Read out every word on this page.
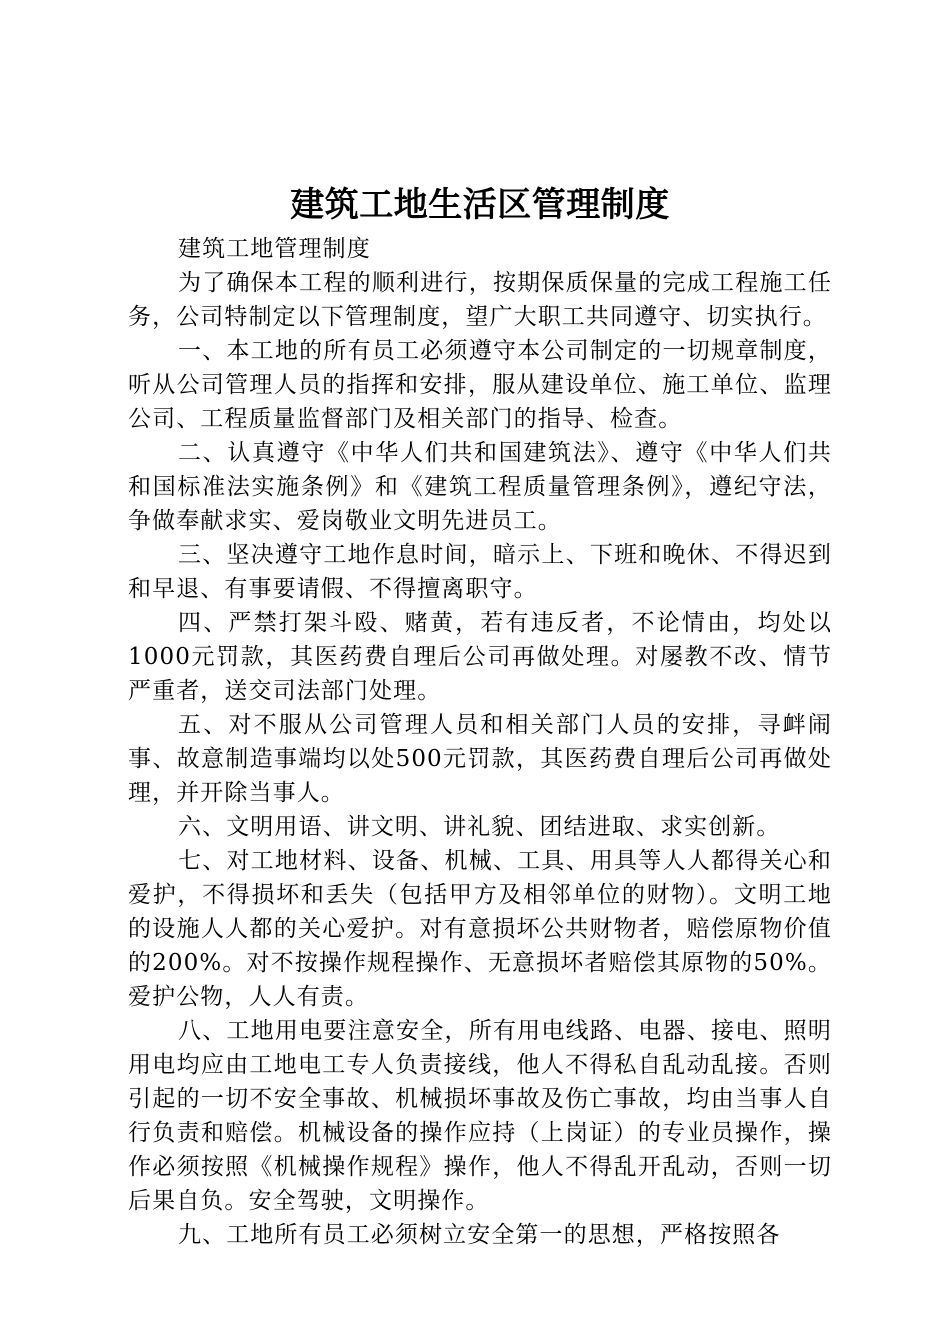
建筑工地生活区管理制度

建筑工地管理制度

为了确保本工程的顺利进行，按期保质保量的完成工程施工任务，公司特制定以下管理制度，望广大职工共同遵守、切实执行。

一、本工地的所有员工必须遵守本公司制定的一切规章制度，听从公司管理人员的指挥和安排，服从建设单位、施工单位、监理公司、工程质量监督部门及相关部门的指导、检查。

二、认真遵守《中华人们共和国建筑法》、遵守《中华人们共和国标准法实施条例》和《建筑工程质量管理条例》，遵纪守法，争做奉献求实、爱岗敬业文明先进员工。

三、坚决遵守工地作息时间，暗示上、下班和晚休、不得迟到和早退、有事要请假、不得擅离职守。

四、严禁打架斗殴、赌黄，若有违反者，不论情由，均处以1000元罚款，其医药费自理后公司再做处理。对屡教不改、情节严重者，送交司法部门处理。

五、对不服从公司管理人员和相关部门人员的安排，寻衅闹事、故意制造事端均以处500元罚款，其医药费自理后公司再做处理，并开除当事人。

六、文明用语、讲文明、讲礼貌、团结进取、求实创新。

七、对工地材料、设备、机械、工具、用具等人人都得关心和爱护，不得损坏和丢失（包括甲方及相邻单位的财物）。文明工地的设施人人都的关心爱护。对有意损坏公共财物者，赔偿原物价值的200%。对不按操作规程操作、无意损坏者赔偿其原物的50%。爱护公物，人人有责。

八、工地用电要注意安全，所有用电线路、电器、接电、照明用电均应由工地电工专人负责接线，他人不得私自乱动乱接。否则引起的一切不安全事故、机械损坏事故及伤亡事故，均由当事人自行负责和赔偿。机械设备的操作应持（上岗证）的专业员操作，操作必须按照《机械操作规程》操作，他人不得乱开乱动，否则一切后果自负。安全驾驶，文明操作。

九、工地所有员工必须树立安全第一的思想，严格按照各
